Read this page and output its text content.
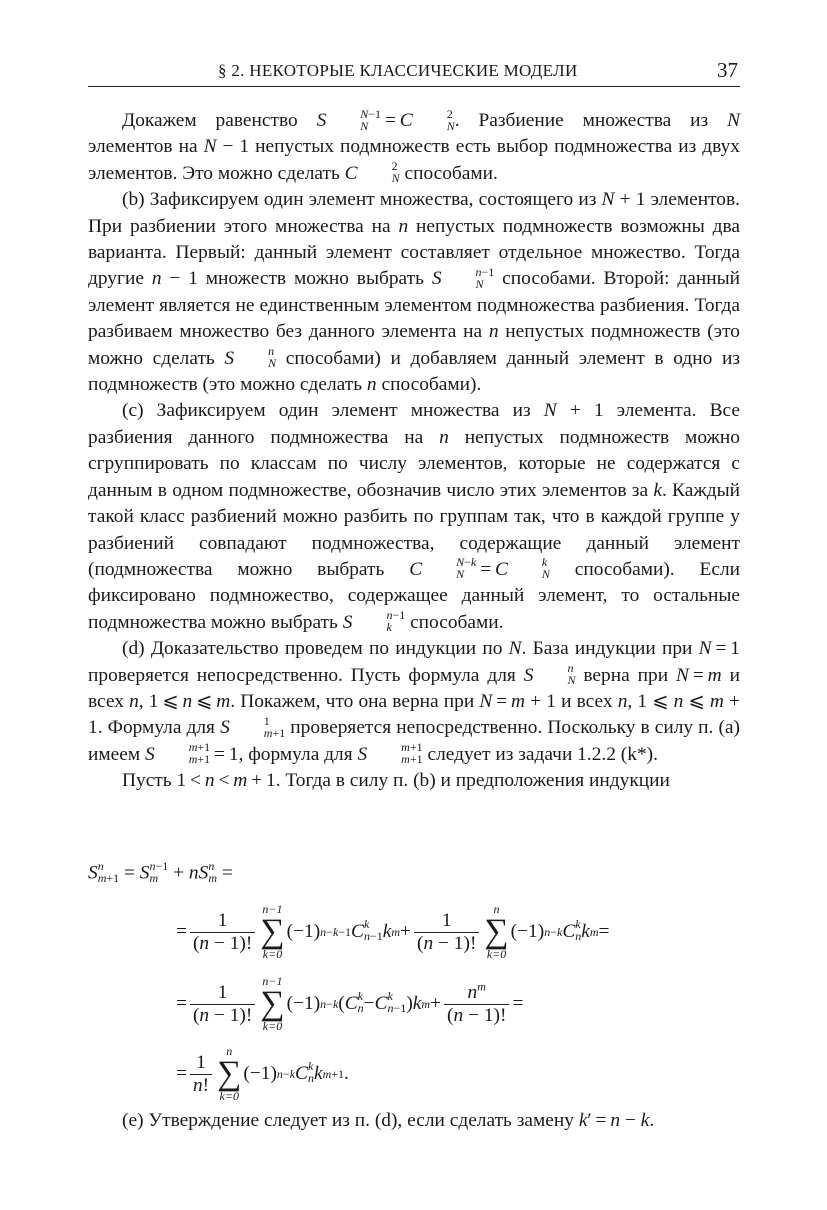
§ 2. НЕКОТОРЫЕ КЛАССИЧЕСКИЕ МОДЕЛИ	37

Докажем равенство S	N−1
N  = C	2
N . Разбиение множества из N элементов на N − 1 непустых подмножеств есть выбор подмножества из двух элементов. Это можно сделать C	2
N способами.

(b) Зафиксируем один элемент множества, состоящего из N + 1 элементов. При разбиении этого множества на n непустых подмножеств возможны два варианта. Первый: данный элемент составляет отдельное множество. Тогда другие n − 1 множеств можно выбрать S	n−1
N способами. Второй: данный элемент является не единственным элементом подмножества разбиения. Тогда разбиваем множество без данного элемента на n непустых подмножеств (это можно сделать S	n
N способами) и добавляем данный элемент в одно из подмножеств (это можно сделать n способами).

(c) Зафиксируем один элемент множества из N + 1 элемента. Все разбиения данного подмножества на n непустых подмножеств можно сгруппировать по классам по числу элементов, которые не содержатся с данным в одном подмножестве, обозначив число этих элементов за k. Каждый такой класс разбиений можно разбить по группам так, что в каждой группе у разбиений совпадают подмножества, содержащие данный элемент (подмножества можно выбрать C	N−k
N  = C	k
N способами). Если фиксировано подмножество, содержащее данный элемент, то остальные подмножества можно выбрать S	n−1
k способами.

(d) Доказательство проведем по индукции по N. База индукции при N = 1 проверяется непосредственно. Пусть формула для S	n
N верна при N = m и всех n, 1 ⩽ n ⩽ m. Покажем, что она верна при N = m + 1 и всех n, 1 ⩽ n ⩽ m + 1. Формула для S	1
m+1 проверяется непосредственно. Поскольку в силу п. (a) имеем S	m+1
m+1  = 1, формула для S	m+1
m+1 следует из задачи 1.2.2 (k*).

Пусть 1 < n < m + 1. Тогда в силу п. (b) и предположения индукции

S n
m+1 = S n−1
m + nS n
m =
= $\frac{1}{(n - 1)!}$
n−1
∑
k=0
(−1) n−k−1 C k
n−1 k $m + \frac{1}{(n - 1)!}$
n
∑
k=0
(−1) n−k C k
n k m =
= $\frac{1}{(n - 1)!}$
n−1
∑
k=0
(−1) n−k ( C k
n − C k
n−1 ) k $m + \frac{n^m}{(n - 1)!}$ =
= $\frac{1}{n!}$
n
∑
k=0
(−1) n−k C k
n k m+1 .
(e) Утверждение следует из п. (d), если сделать замену k′ = n − k.
